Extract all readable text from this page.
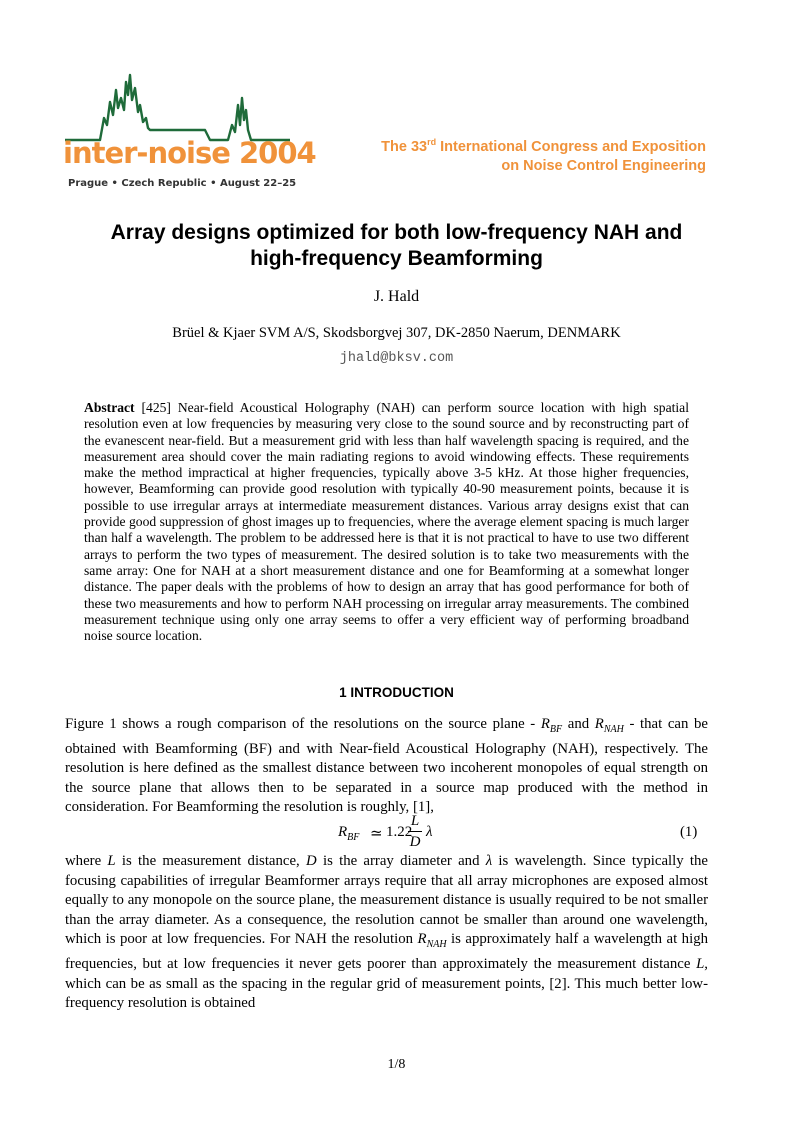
inter-noise 2004
Prague • Czech Republic • August 22–25
The 33rd International Congress and Exposition
on Noise Control Engineering
Array designs optimized for both low-frequency NAH and
high-frequency Beamforming
J. Hald
Brüel & Kjaer SVM A/S, Skodsborgvej 307, DK-2850 Naerum, DENMARK
jhald@bksv.com
Abstract [425] Near-field Acoustical Holography (NAH) can perform source location with high spatial resolution even at low frequencies by measuring very close to the sound source and by reconstructing part of the evanescent near-field. But a measurement grid with less than half wavelength spacing is required, and the measurement area should cover the main radiating regions to avoid windowing effects. These requirements make the method impractical at higher frequencies, typically above 3-5 kHz. At those higher frequencies, however, Beamforming can provide good resolution with typically 40-90 measurement points, because it is possible to use irregular arrays at intermediate measurement distances. Various array designs exist that can provide good suppression of ghost images up to frequencies, where the average element spacing is much larger than half a wavelength. The problem to be addressed here is that it is not practical to have to use two different arrays to perform the two types of measurement. The desired solution is to take two measurements with the same array: One for NAH at a short measurement distance and one for Beamforming at a somewhat longer distance. The paper deals with the problems of how to design an array that has good performance for both of these two measurements and how to perform NAH processing on irregular array measurements. The combined measurement technique using only one array seems to offer a very efficient way of performing broadband noise source location.
1 INTRODUCTION
Figure 1 shows a rough comparison of the resolutions on the source plane - $R_{BF}$ and $R_{NAH}$ - that can be obtained with Beamforming (BF) and with Near-field Acoustical Holography (NAH), respectively. The resolution is here defined as the smallest distance between two incoherent monopoles of equal strength on the source plane that allows then to be separated in a source map produced with the method in consideration. For Beamforming the resolution is roughly, [1],
$R_{BF}$ ≃ 1.22
L
D
λ	(1)
where L is the measurement distance, D is the array diameter and λ is wavelength. Since typically the focusing capabilities of irregular Beamformer arrays require that all array microphones are exposed almost equally to any monopole on the source plane, the measurement distance is usually required to be not smaller than the array diameter. As a consequence, the resolution cannot be smaller than around one wavelength, which is poor at low frequencies. For NAH the resolution $R_{NAH}$ is approximately half a wavelength at high frequencies, but at low frequencies it never gets poorer than approximately the measurement distance L, which can be as small as the spacing in the regular grid of measurement points, [2]. This much better low-frequency resolution is obtained
1/8
